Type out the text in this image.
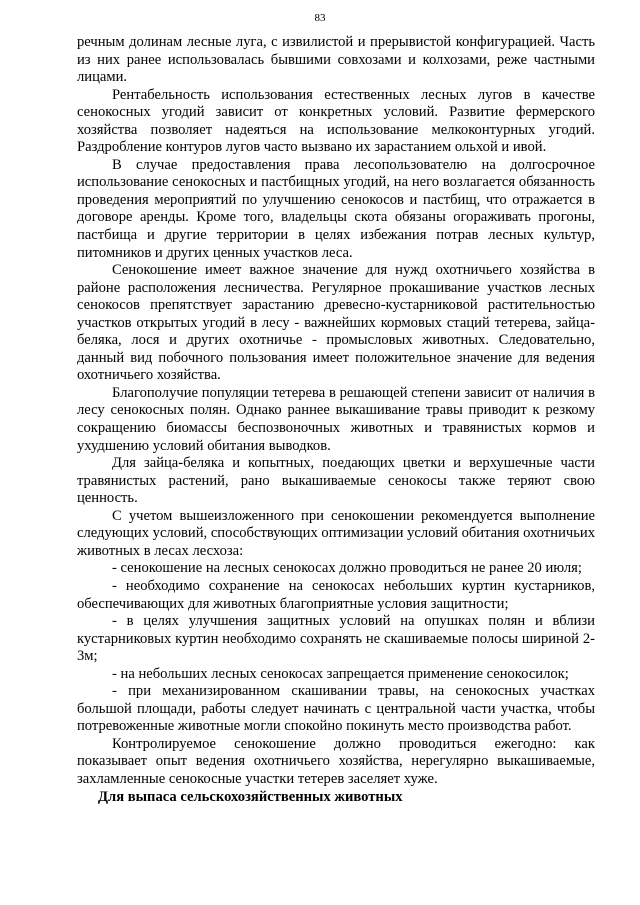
83

речным долинам лесные луга, с извилистой и прерывистой конфигурацией. Часть из них ранее использовалась бывшими совхозами и колхозами, реже частными лицами.

Рентабельность использования естественных лесных лугов в качестве сенокосных угодий зависит от конкретных условий. Развитие фермерского хозяйства позволяет надеяться на использование мелкоконтурных угодий. Раздробление контуров лугов часто вызвано их зарастанием ольхой и ивой.

В случае предоставления права лесопользователю на долгосрочное использование сенокосных и пастбищных угодий, на него возлагается обязанность проведения мероприятий по улучшению сенокосов и пастбищ, что отражается в договоре аренды. Кроме того, владельцы скота обязаны огораживать прогоны, пастбища и другие территории в целях избежания потрав лесных культур, питомников и других ценных участков леса.

Сенокошение имеет важное значение для нужд охотничьего хозяйства в районе расположения лесничества. Регулярное прокашивание участков лесных сенокосов препятствует зарастанию древесно-кустарниковой растительностью участков открытых угодий в лесу - важнейших кормовых стаций тетерева, зайца-беляка, лося и других охотничье - промысловых животных. Следовательно, данный вид побочного пользования имеет положительное значение для ведения охотничьего хозяйства.

Благополучие популяции тетерева в решающей степени зависит от наличия в лесу сенокосных полян. Однако раннее выкашивание травы приводит к резкому сокращению биомассы беспозвоночных животных и травянистых кормов и ухудшению условий обитания выводков.

Для зайца-беляка и копытных, поедающих цветки и верхушечные части травянистых растений, рано выкашиваемые сенокосы также теряют свою ценность.

С учетом вышеизложенного при сенокошении рекомендуется выполнение следующих условий, способствующих оптимизации условий обитания охотничьих животных в лесах лесхоза:

- сенокошение на лесных сенокосах должно проводиться не ранее 20 июля;

- необходимо сохранение на сенокосах небольших куртин кустарников, обеспечивающих для животных благоприятные условия защитности;

- в целях улучшения защитных условий на опушках полян и вблизи кустарниковых куртин необходимо сохранять не скашиваемые полосы шириной 2-3м;

- на небольших лесных сенокосах запрещается применение сенокосилок;

- при механизированном скашивании травы, на сенокосных участках большой площади, работы следует начинать с центральной части участка, чтобы потревоженные животные могли спокойно покинуть место производства работ.

Контролируемое сенокошение должно проводиться ежегодно: как показывает опыт ведения охотничьего хозяйства, нерегулярно выкашиваемые, захламленные сенокосные участки тетерев заселяет хуже.

Для выпаса сельскохозяйственных животных
